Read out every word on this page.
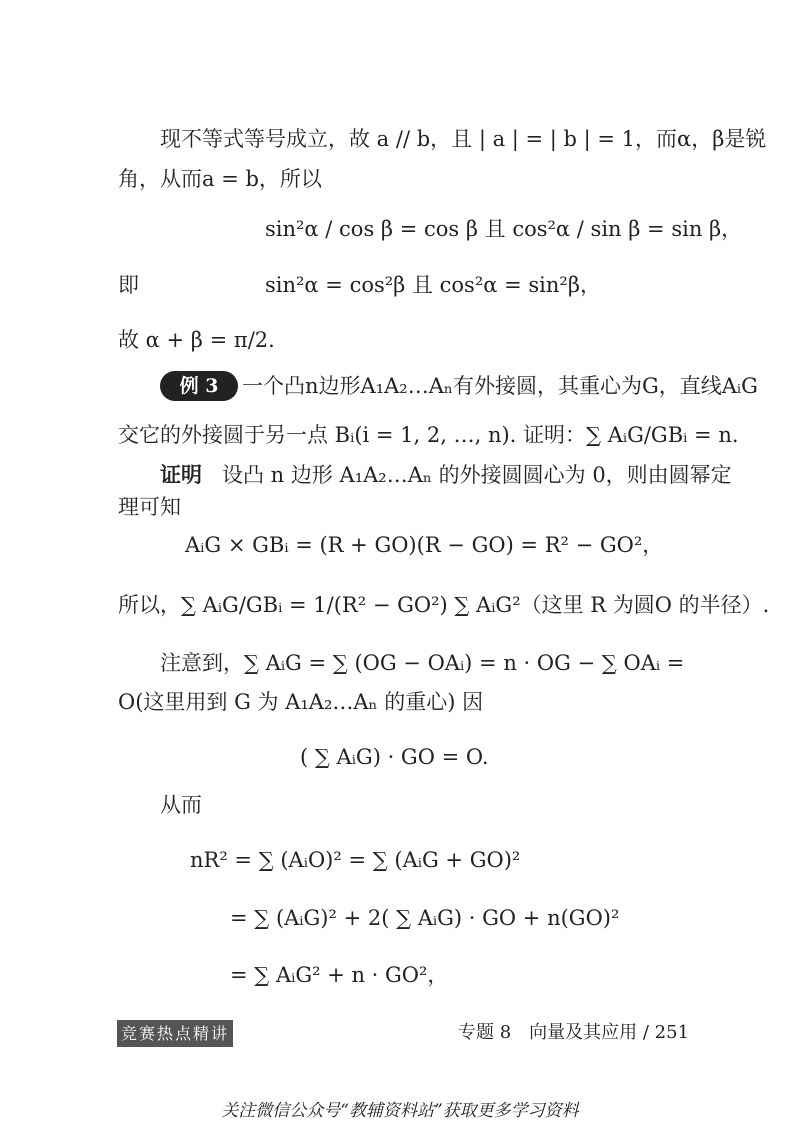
现不等式等号成立，故 a // b，且 | a | = | b | = 1，而α，β是锐
角，从而a = b，所以
sin²α / cos β = cos β 且 cos²α / sin β = sin β，
即	sin²α = cos²β 且 cos²α = sin²β，
故 α + β = π/2.
例 3	一个凸n边形A₁A₂…Aₙ有外接圆，其重心为G，直线AᵢG
交它的外接圆于另一点 Bᵢ(i = 1, 2, …, n). 证明：∑ AᵢG/GBᵢ = n.
证明 设凸 n 边形 A₁A₂…Aₙ 的外接圆圆心为 0，则由圆幂定
理可知
AᵢG × GBᵢ = (R + GO)(R − GO) = R² − GO²，
所以，∑ AᵢG/GBᵢ = 1/(R² − GO²) ∑ AᵢG²（这里 R 为圆O 的半径）.
注意到，∑ AᵢG = ∑ (OG − OAᵢ) = n · OG − ∑ OAᵢ =
O(这里用到 G 为 A₁A₂…Aₙ 的重心) 因
( ∑ AᵢG) · GO = O.
从而
nR² = ∑ (AᵢO)² = ∑ (AᵢG + GO)²
= ∑ (AᵢG)² + 2( ∑ AᵢG) · GO + n(GO)²
= ∑ AᵢG² + n · GO²，
竞赛热点精讲	专题 8　向量及其应用 / 251
关注微信公众号“教辅资料站”获取更多学习资料
